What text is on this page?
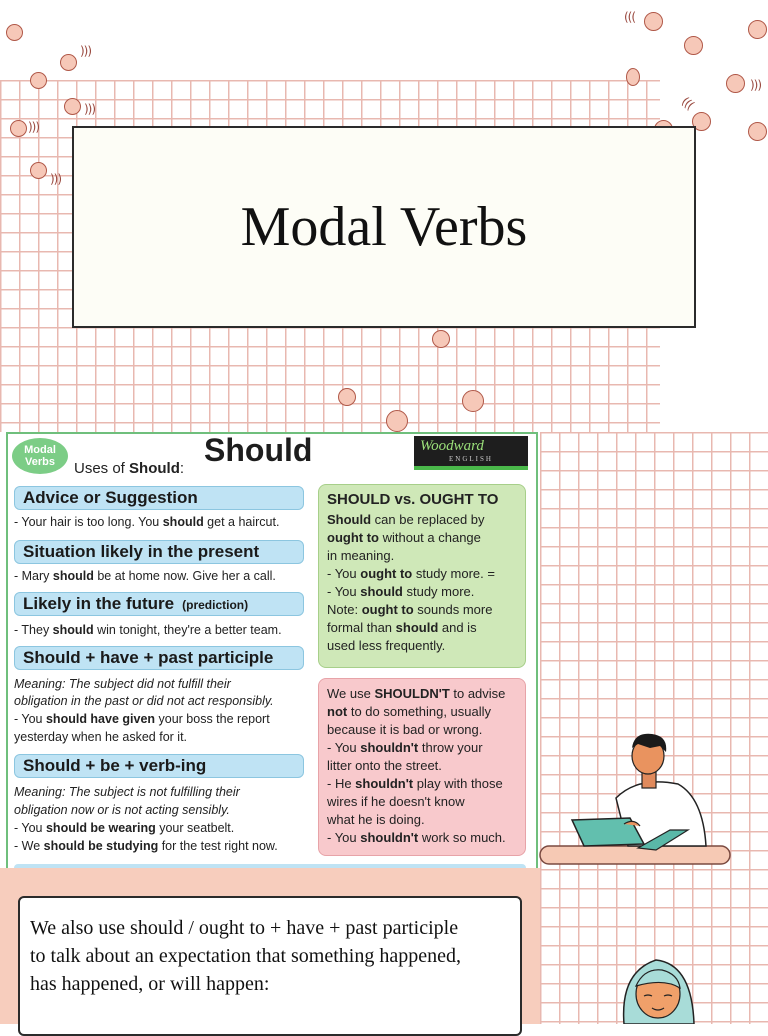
)))
)))
)))
)))
(((
(((
)))
Modal Verbs
Modal
Verbs	Should
Uses of Should:
Woodward
ENGLISH
Advice or Suggestion
- Your hair is too long. You should get a haircut.
Situation likely in the present
- Mary should be at home now. Give her a call.
Likely in the future (prediction)
- They should win tonight, they're a better team.
Should + have + past participle
Meaning: The subject did not fulfill their
obligation in the past or did not act responsibly.
- You should have given your boss the report
yesterday when he asked for it.
Should + be + verb-ing
Meaning: The subject is not fulfilling their
obligation now or is not acting sensibly.
- You should be wearing your seatbelt.
- We should be studying for the test right now.
SHOULD vs. OUGHT TO
Should can be replaced by
ought to without a change
in meaning.
- You ought to study more. =
- You should study more.
Note: ought to sounds more
formal than should and is
used less frequently.
We use SHOULDN'T to advise
not to do something, usually
because it is bad or wrong.
- You shouldn't throw your
litter onto the street.
- He shouldn't play with those
wires if he doesn't know
what he is doing.
- You shouldn't work so much.

We also use should / ought to + have + past participle

to talk about an expectation that something happened,

has happened, or will happen:
